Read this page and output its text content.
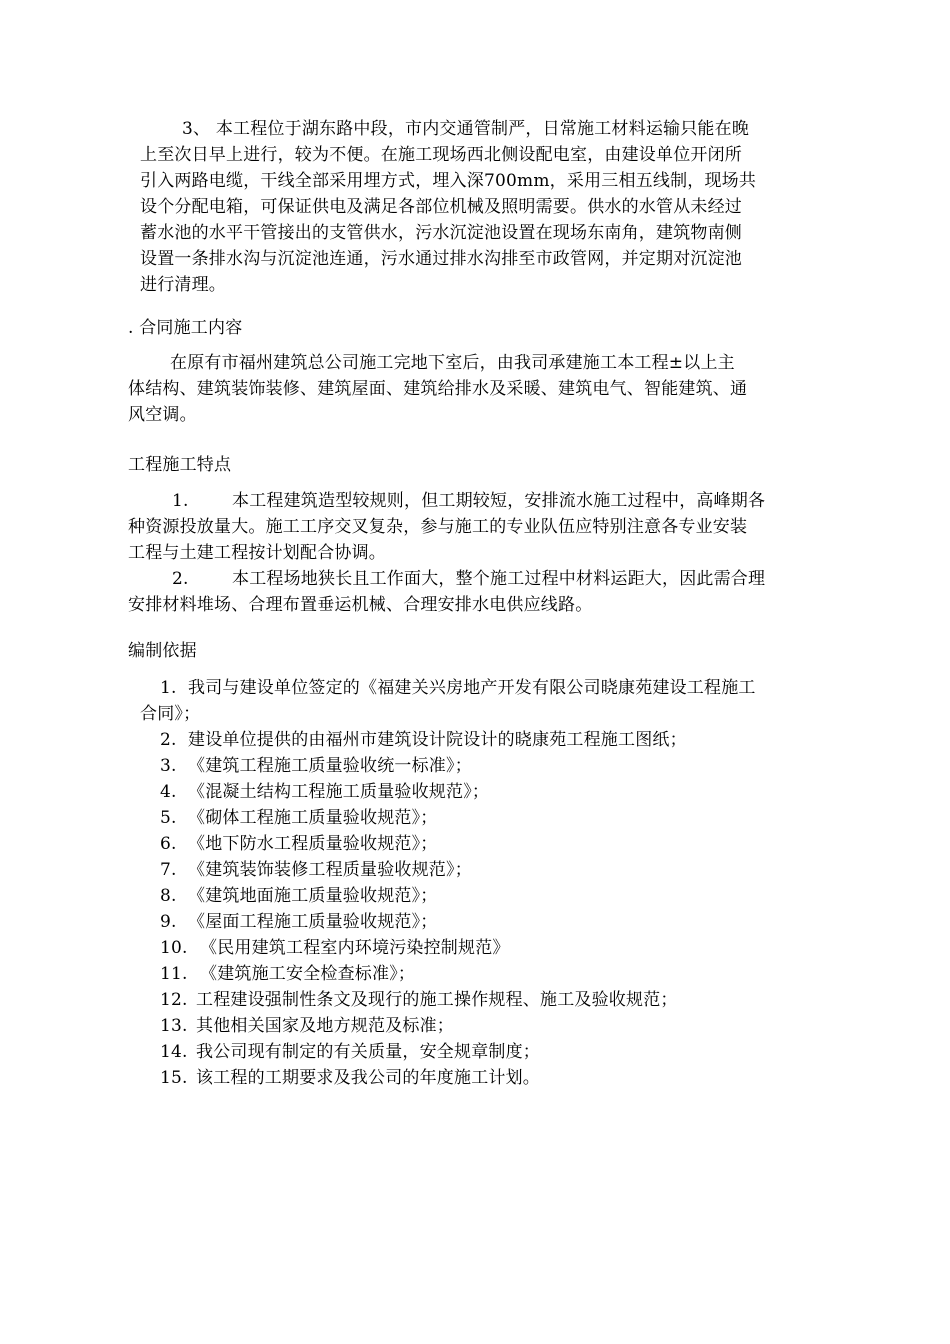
3、 本工程位于湖东路中段，市内交通管制严，日常施工材料运输只能在晚
上至次日早上进行，较为不便。在施工现场西北侧设配电室，由建设单位开闭所
引入两路电缆，干线全部采用埋方式，埋入深700mm，采用三相五线制，现场共
设个分配电箱，可保证供电及满足各部位机械及照明需要。供水的水管从未经过
蓄水池的水平干管接出的支管供水，污水沉淀池设置在现场东南角，建筑物南侧
设置一条排水沟与沉淀池连通，污水通过排水沟排至市政管网，并定期对沉淀池
进行清理。
. 合同施工内容
在原有市福州建筑总公司施工完地下室后，由我司承建施工本工程±以上主
体结构、建筑装饰装修、建筑屋面、建筑给排水及采暖、建筑电气、智能建筑、通
风空调。
工程施工特点
1.	本工程建筑造型较规则，但工期较短，安排流水施工过程中，高峰期各
种资源投放量大。施工工序交叉复杂，参与施工的专业队伍应特别注意各专业安装
工程与土建工程按计划配合协调。
2.	本工程场地狭长且工作面大，整个施工过程中材料运距大，因此需合理
安排材料堆场、合理布置垂运机械、合理安排水电供应线路。
编制依据
1. 我司与建设单位签定的《福建关兴房地产开发有限公司晓康苑建设工程施工
合同》；
2. 建设单位提供的由福州市建筑设计院设计的晓康苑工程施工图纸；
3. 《建筑工程施工质量验收统一标准》；
4. 《混凝土结构工程施工质量验收规范》；
5. 《砌体工程施工质量验收规范》；
6. 《地下防水工程质量验收规范》；
7. 《建筑装饰装修工程质量验收规范》；
8. 《建筑地面施工质量验收规范》；
9. 《屋面工程施工质量验收规范》；
10. 《民用建筑工程室内环境污染控制规范》
11. 《建筑施工安全检查标准》；
12. 工程建设强制性条文及现行的施工操作规程、施工及验收规范；
13. 其他相关国家及地方规范及标准；
14. 我公司现有制定的有关质量，安全规章制度；
15. 该工程的工期要求及我公司的年度施工计划。
